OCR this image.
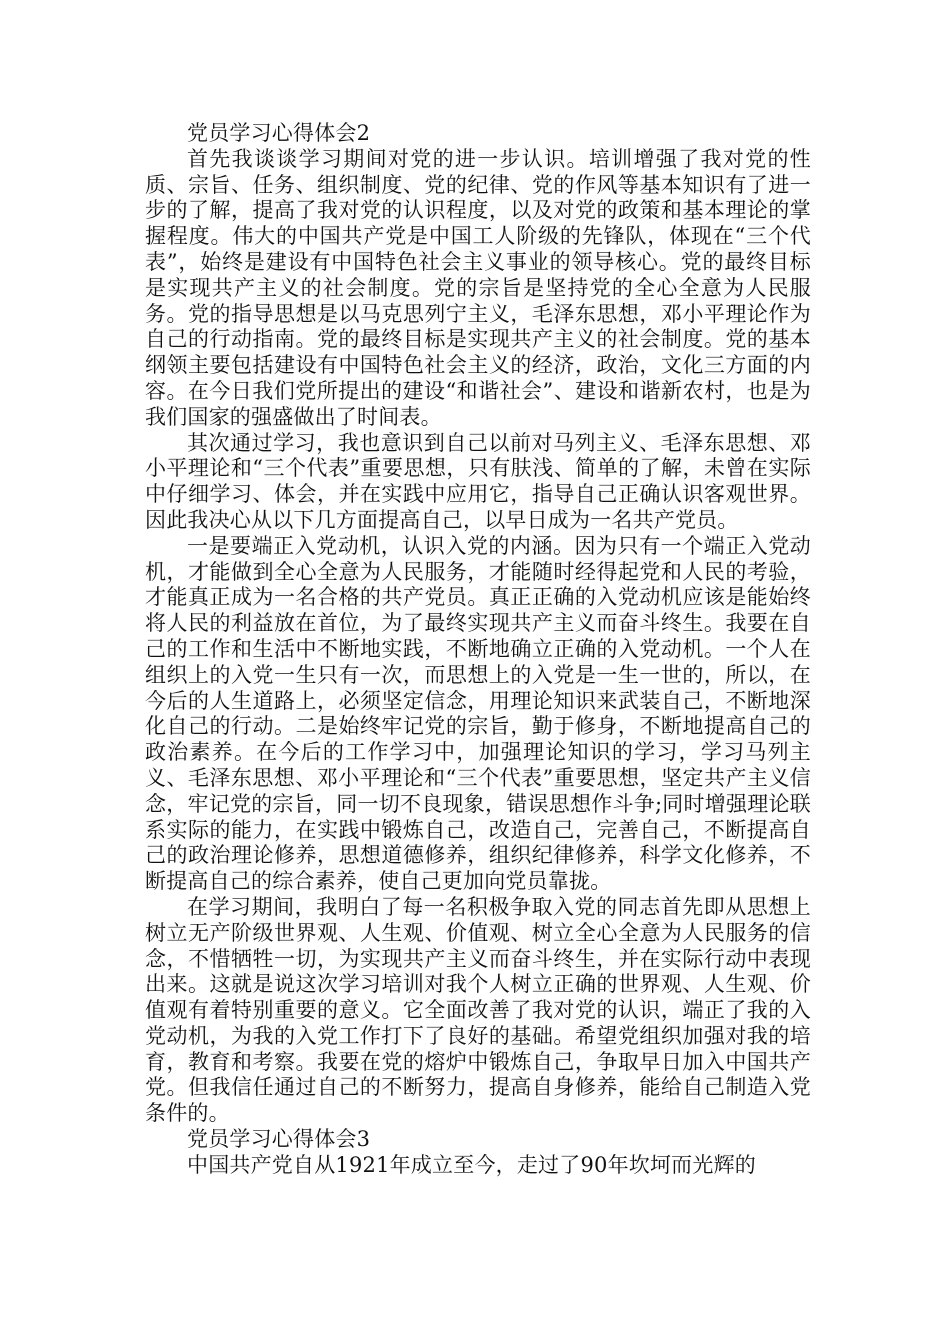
党员学习心得体会2

首先我谈谈学习期间对党的进一步认识。培训增强了我对党的性质、宗旨、任务、组织制度、党的纪律、党的作风等基本知识有了进一步的了解，提高了我对党的认识程度，以及对党的政策和基本理论的掌握程度。伟大的中国共产党是中国工人阶级的先锋队，体现在“三个代表”，始终是建设有中国特色社会主义事业的领导核心。党的最终目标是实现共产主义的社会制度。党的宗旨是坚持党的全心全意为人民服务。党的指导思想是以马克思列宁主义，毛泽东思想，邓小平理论作为自己的行动指南。党的最终目标是实现共产主义的社会制度。党的基本纲领主要包括建设有中国特色社会主义的经济，政治，文化三方面的内容。在今日我们党所提出的建设“和谐社会”、建设和谐新农村，也是为我们国家的强盛做出了时间表。

其次通过学习，我也意识到自己以前对马列主义、毛泽东思想、邓小平理论和“三个代表”重要思想，只有肤浅、简单的了解，未曾在实际中仔细学习、体会，并在实践中应用它，指导自己正确认识客观世界。因此我决心从以下几方面提高自己，以早日成为一名共产党员。

一是要端正入党动机，认识入党的内涵。因为只有一个端正入党动机，才能做到全心全意为人民服务，才能随时经得起党和人民的考验，才能真正成为一名合格的共产党员。真正正确的入党动机应该是能始终将人民的利益放在首位，为了最终实现共产主义而奋斗终生。我要在自己的工作和生活中不断地实践，不断地确立正确的入党动机。一个人在组织上的入党一生只有一次，而思想上的入党是一生一世的，所以，在今后的人生道路上，必须坚定信念，用理论知识来武装自己，不断地深化自己的行动。二是始终牢记党的宗旨，勤于修身，不断地提高自己的政治素养。在今后的工作学习中，加强理论知识的学习，学习马列主义、毛泽东思想、邓小平理论和“三个代表”重要思想，坚定共产主义信念，牢记党的宗旨，同一切不良现象，错误思想作斗争;同时增强理论联系实际的能力，在实践中锻炼自己，改造自己，完善自己，不断提高自己的政治理论修养，思想道德修养，组织纪律修养，科学文化修养，不断提高自己的综合素养，使自己更加向党员靠拢。

在学习期间，我明白了每一名积极争取入党的同志首先即从思想上树立无产阶级世界观、人生观、价值观、树立全心全意为人民服务的信念，不惜牺牲一切，为实现共产主义而奋斗终生，并在实际行动中表现出来。这就是说这次学习培训对我个人树立正确的世界观、人生观、价值观有着特别重要的意义。它全面改善了我对党的认识，端正了我的入党动机，为我的入党工作打下了良好的基础。希望党组织加强对我的培育，教育和考察。我要在党的熔炉中锻炼自己，争取早日加入中国共产党。但我信任通过自己的不断努力，提高自身修养，能给自己制造入党条件的。

党员学习心得体会3

中国共产党自从1921年成立至今，走过了90年坎坷而光辉的
